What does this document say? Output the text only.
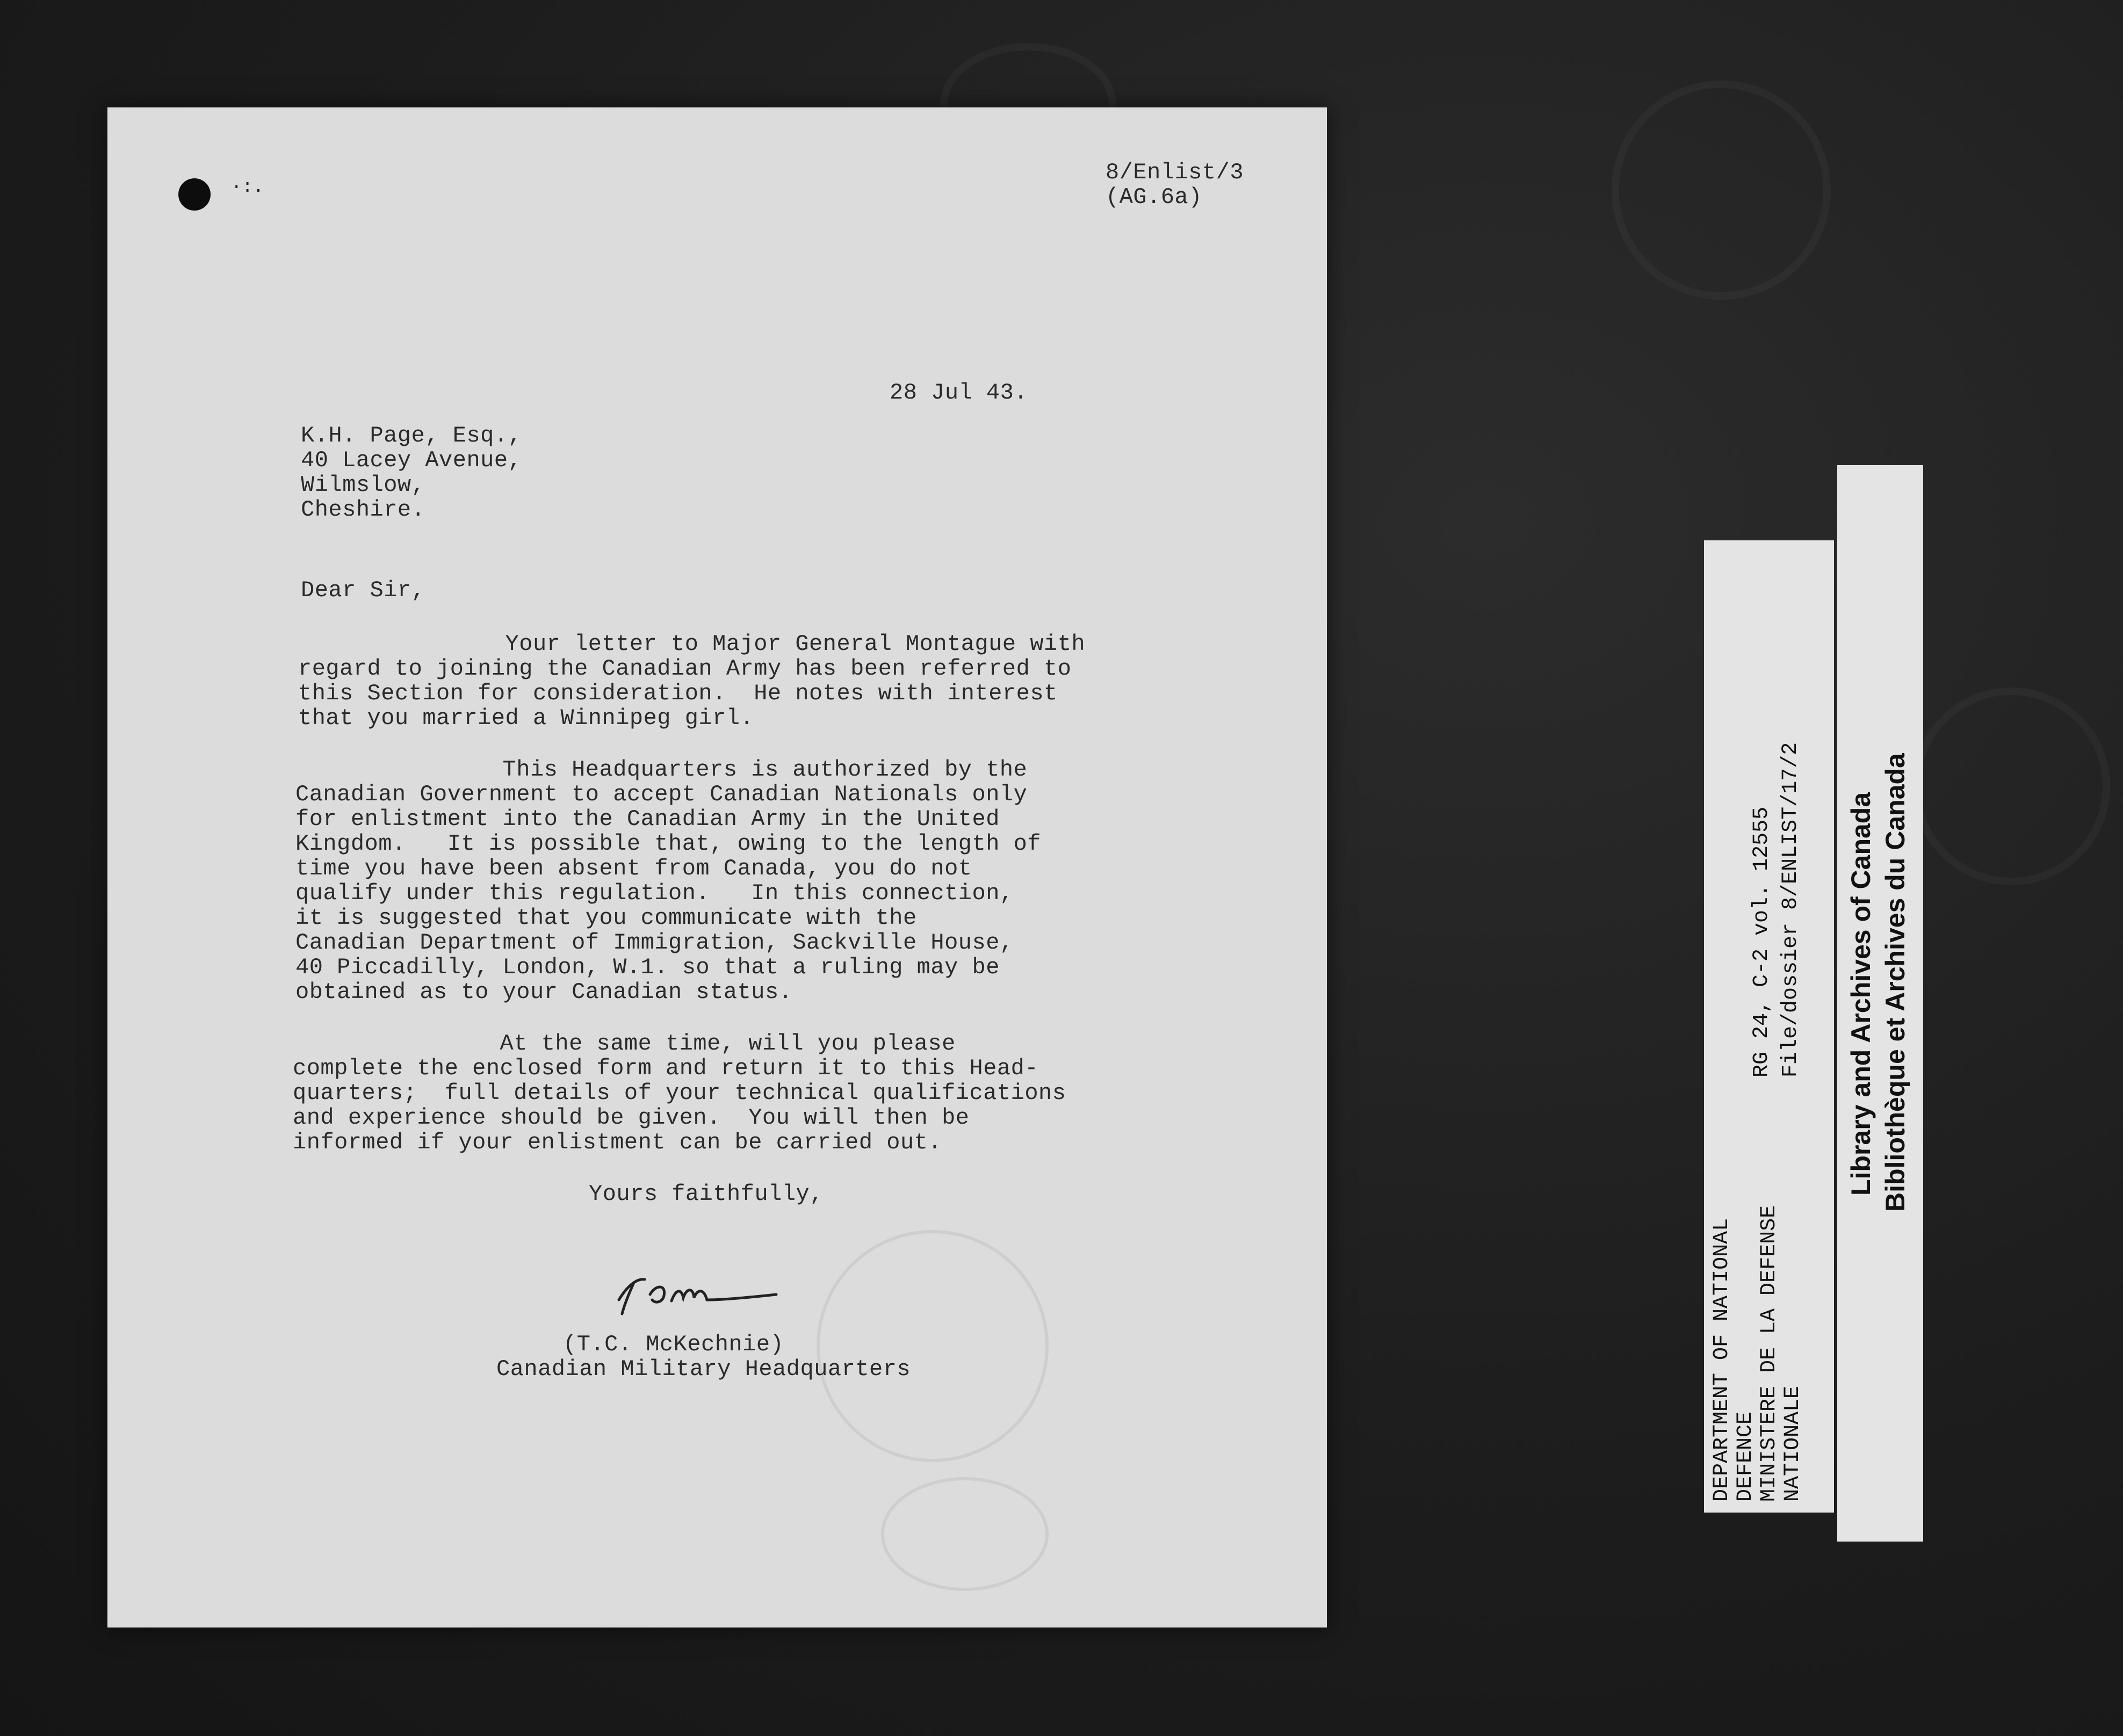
·:.
8/Enlist/3
(AG.6a)
28 Jul 43.
K.H. Page, Esq.,
40 Lacey Avenue,
Wilmslow,
Cheshire.
Dear Sir,
Your letter to Major General Montague with
regard to joining the Canadian Army has been referred to
this Section for consideration.  He notes with interest
that you married a Winnipeg girl.
This Headquarters is authorized by the
Canadian Government to accept Canadian Nationals only
for enlistment into the Canadian Army in the United
Kingdom.   It is possible that, owing to the length of
time you have been absent from Canada, you do not
qualify under this regulation.   In this connection,
it is suggested that you communicate with the
Canadian Department of Immigration, Sackville House,
40 Piccadilly, London, W.1. so that a ruling may be
obtained as to your Canadian status.
At the same time, will you please
complete the enclosed form and return it to this Head-
quarters;  full details of your technical qualifications
and experience should be given.  You will then be
informed if your enlistment can be carried out.
Yours faithfully,
(T.C. McKechnie)
Canadian Military Headquarters	DEPARTMENT OF NATIONAL DEFENCE MINISTERE DE LA DEFENSE NATIONALE
RG 24, C-2 vol. 12555 File/dossier 8/ENLIST/17/2 Library and Archives of Canada Bibliothèque et Archives du Canada
